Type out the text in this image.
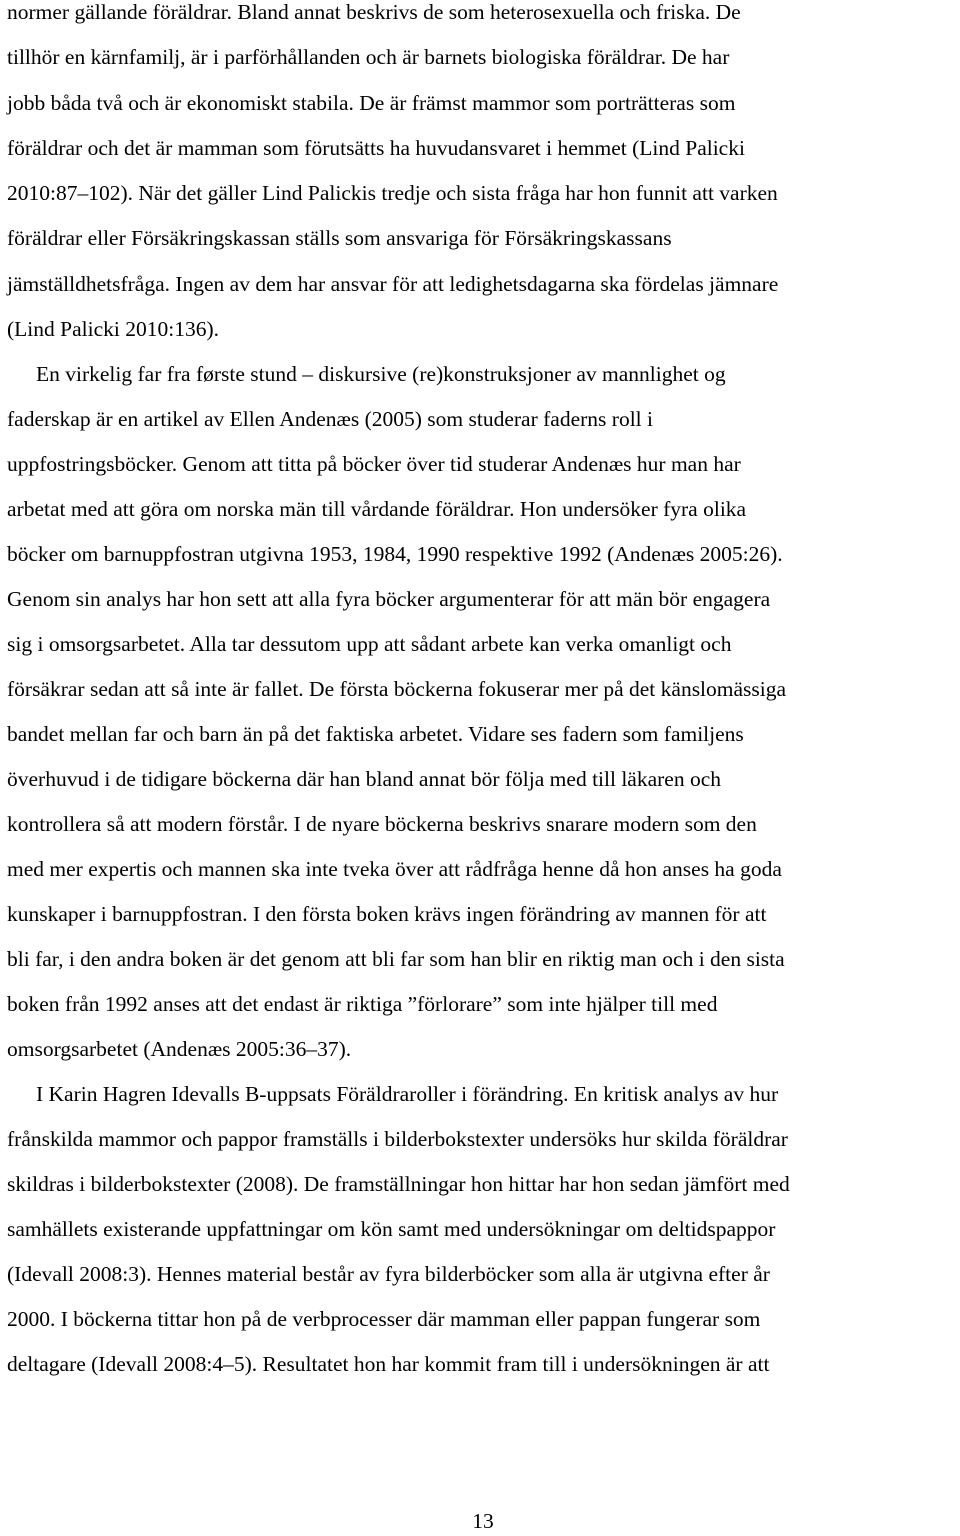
normer gällande föräldrar. Bland annat beskrivs de som heterosexuella och friska. De
tillhör en kärnfamilj, är i parförhållanden och är barnets biologiska föräldrar. De har
jobb båda två och är ekonomiskt stabila. De är främst mammor som porträtteras som
föräldrar och det är mamman som förutsätts ha huvudansvaret i hemmet (Lind Palicki
2010:87–102). När det gäller Lind Palickis tredje och sista fråga har hon funnit att varken
föräldrar eller Försäkringskassan ställs som ansvariga för Försäkringskassans
jämställdhetsfråga. Ingen av dem har ansvar för att ledighetsdagarna ska fördelas jämnare
(Lind Palicki 2010:136).
En virkelig far fra første stund – diskursive (re)konstruksjoner av mannlighet og
faderskap är en artikel av Ellen Andenæs (2005) som studerar faderns roll i
uppfostringsböcker. Genom att titta på böcker över tid studerar Andenæs hur man har
arbetat med att göra om norska män till vårdande föräldrar. Hon undersöker fyra olika
böcker om barnuppfostran utgivna 1953, 1984, 1990 respektive 1992 (Andenæs 2005:26).
Genom sin analys har hon sett att alla fyra böcker argumenterar för att män bör engagera
sig i omsorgsarbetet. Alla tar dessutom upp att sådant arbete kan verka omanligt och
försäkrar sedan att så inte är fallet. De första böckerna fokuserar mer på det känslomässiga
bandet mellan far och barn än på det faktiska arbetet. Vidare ses fadern som familjens
överhuvud i de tidigare böckerna där han bland annat bör följa med till läkaren och
kontrollera så att modern förstår. I de nyare böckerna beskrivs snarare modern som den
med mer expertis och mannen ska inte tveka över att rådfråga henne då hon anses ha goda
kunskaper i barnuppfostran. I den första boken krävs ingen förändring av mannen för att
bli far, i den andra boken är det genom att bli far som han blir en riktig man och i den sista
boken från 1992 anses att det endast är riktiga ”förlorare” som inte hjälper till med
omsorgsarbetet (Andenæs 2005:36–37).
I Karin Hagren Idevalls B-uppsats Föräldraroller i förändring. En kritisk analys av hur
frånskilda mammor och pappor framställs i bilderbokstexter undersöks hur skilda föräldrar
skildras i bilderbokstexter (2008). De framställningar hon hittar har hon sedan jämfört med
samhällets existerande uppfattningar om kön samt med undersökningar om deltidspappor
(Idevall 2008:3). Hennes material består av fyra bilderböcker som alla är utgivna efter år
2000. I böckerna tittar hon på de verbprocesser där mamman eller pappan fungerar som
deltagare (Idevall 2008:4–5). Resultatet hon har kommit fram till i undersökningen är att
13
